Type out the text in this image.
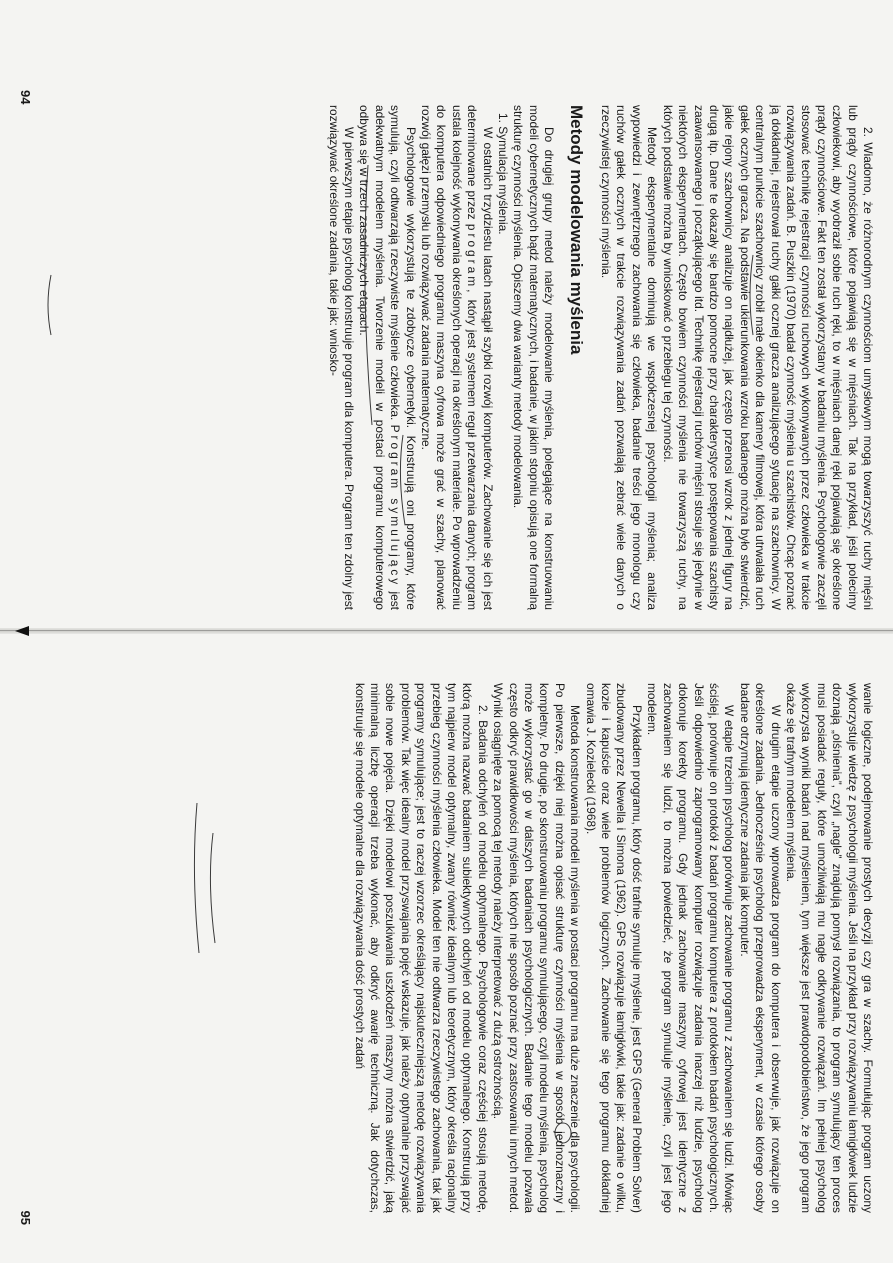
2. Wiadomo, że różnorodnym czynnościom umysłowym mogą towarzyszyć ruchy mięśni lub prądy czynnościowe, które pojawiają się w mięśniach. Tak na przykład, jeśli polecimy człowiekowi, aby wyobraził sobie ruch ręki, to w mięśniach danej ręki pojawiają się określone prądy czynnościowe. Fakt ten został wykorzystany w badaniu myślenia. Psychologowie zaczęli stosować technikę rejestracji czynności ruchowych wykonywanych przez człowieka w trakcie rozwiązywania zadań. B. Puszkin (1970) badał czynność myślenia u szachistów. Chcąc poznać ją dokładniej, rejestrował ruchy gałki ocznej gracza analizującego sytuację na szachownicy. W centralnym punkcie szachownicy zrobił małe okienko dla kamery filmowej, która utrwalała ruch gałek ocznych gracza. Na podstawie ukierunkowania wzroku badanego można było stwierdzić, jakie rejony szachownicy analizuje on najdłużej, jak często przenosi wzrok z jednej figury na drugą itp. Dane te okazały się bardzo pomocne przy charakterystyce postępowania szachisty zaawansowanego i początkującego itd. Technikę rejestracji ruchów mięśni stosuje się jedynie w niektórych eksperymentach. Często bowiem czynności myślenia nie towarzyszą ruchy, na których podstawie można by wnioskować o przebiegu tej czynności.

Metody eksperymentalne dominują we współczesnej psychologii myślenia; analiza wypowiedzi i zewnętrznego zachowania się człowieka, badanie treści jego monologu czy ruchów gałek ocznych w trakcie rozwiązywania zadań pozwalają zebrać wiele danych o rzeczywistej czynności myślenia.

Metody modelowania myślenia

Do drugiej grupy metod należy modelowanie myślenia, polegające na konstruowaniu modeli cybernetycznych bądź matematycznych, i badanie, w jakim stopniu opisują one formalną strukturę czynności myślenia. Opiszemy dwa warianty metody modelowania.

1. Symulacja myślenia.

W ostatnich trzydziestu latach nastąpił szybki rozwój komputerów. Zachowanie się ich jest determinowane przez program, który jest systemem reguł przetwarzania danych; program ustala kolejność wykonywania określonych operacji na określonym materiale. Po wprowadzeniu do komputera odpowiedniego programu maszyna cyfrowa może grać w szachy, planować rozwój gałęzi przemysłu lub rozwiązywać zadania matematyczne.

Psychologowie wykorzystują te zdobycze cybernetyki. Konstruują oni programy, które symulują, czyli odtwarzają rzeczywiste myślenie człowieka. Program symulujący jest adekwatnym modelem myślenia. Tworzenie modeli w postaci programu komputerowego odbywa się w trzech zasadniczych etapach.

W pierwszym etapie psycholog konstruuje program dla komputera. Program ten zdolny jest rozwiązywać określone zadania, takie jak: wniosko-

94

wanie logiczne, podejmowanie prostych decyzji czy gra w szachy. Formułując program uczony wykorzystuje wiedzę z psychologii myślenia. Jeśli na przykład przy rozwiązywaniu łamigłówek ludzie doznają „olśnienia”, czyli „nagle” znajdują pomysł rozwiązania, to program symulujący ten proces musi posiadać reguły, które umożliwiają mu nagłe odkrywanie rozwiązań. Im pełniej psycholog wykorzysta wyniki badań nad myśleniem, tym większe jest prawdopodobieństwo, że jego program okaże się trafnym modelem myślenia.

W drugim etapie uczony wprowadza program do komputera i obserwuje, jak rozwiązuje on określone zadania. Jednocześnie psycholog przeprowadza eksperyment, w czasie którego osoby badane otrzymują identyczne zadania jak komputer.

W etapie trzecim psycholog porównuje zachowanie programu z zachowaniem się ludzi. Mówiąc ściślej, porównuje on protokół z badań programu komputera z protokołem badań psychologicznych. Jeśli odpowiednio zaprogramowany komputer rozwiązuje zadania inaczej niż ludzie, psycholog dokonuje korekty programu. Gdy jednak zachowanie maszyny cyfrowej jest identyczne z zachowaniem się ludzi, to można powiedzieć, że program symuluje myślenie, czyli jest jego modelem.

Przykładem programu, który dość trafnie symuluje myślenie, jest GPS (General Problem Solver) zbudowany przez Newella i Simona (1962). GPS rozwiązuje łamigłówki, takie jak: zadanie o wilku, kozie i kapuście oraz wiele problemów logicznych. Zachowanie się tego programu dokładniej omawia J. Kozielecki (1968).

Metoda konstruowania modeli myślenia w postaci programu ma duże znaczenie dla psychologii. Po pierwsze, dzięki niej można opisać strukturę czynności myślenia w sposób jednoznaczny i kompletny. Po drugie, po skonstruowaniu programu symulującego, czyli modelu myślenia, psycholog może wykorzystać go w dalszych badaniach psychologicznych. Badanie tego modelu pozwala często odkryć prawidłowości myślenia, których nie sposób poznać przy zastosowaniu innych metod. Wyniki osiągnięte za pomocą tej metody należy interpretować z dużą ostrożnością.

2. Badania odchyleń od modelu optymalnego. Psychologowie coraz częściej stosują metodę, którą można nazwać badaniem subiektywnych odchyleń od modelu optymalnego. Konstruują przy tym najpierw model optymalny, zwany również idealnym lub teoretycznym, który określa racjonalny przebieg czynności myślenia człowieka. Model ten nie odtwarza rzeczywistego zachowania, tak jak programy symulujące; jest to raczej wzorzec określający najskuteczniejszą metodę rozwiązywania problemów. Tak więc idealny model przyswajania pojęć wskazuje, jak należy optymalnie przyswajać sobie nowe pojęcia. Dzięki modelowi poszukiwania uszkodzeń maszyny można stwierdzić, jaką minimalną liczbę operacji trzeba wykonać, aby odkryć awarię techniczną. Jak dotychczas, konstruuje się modele optymalne dla rozwiązywania dość prostych zadań

95
